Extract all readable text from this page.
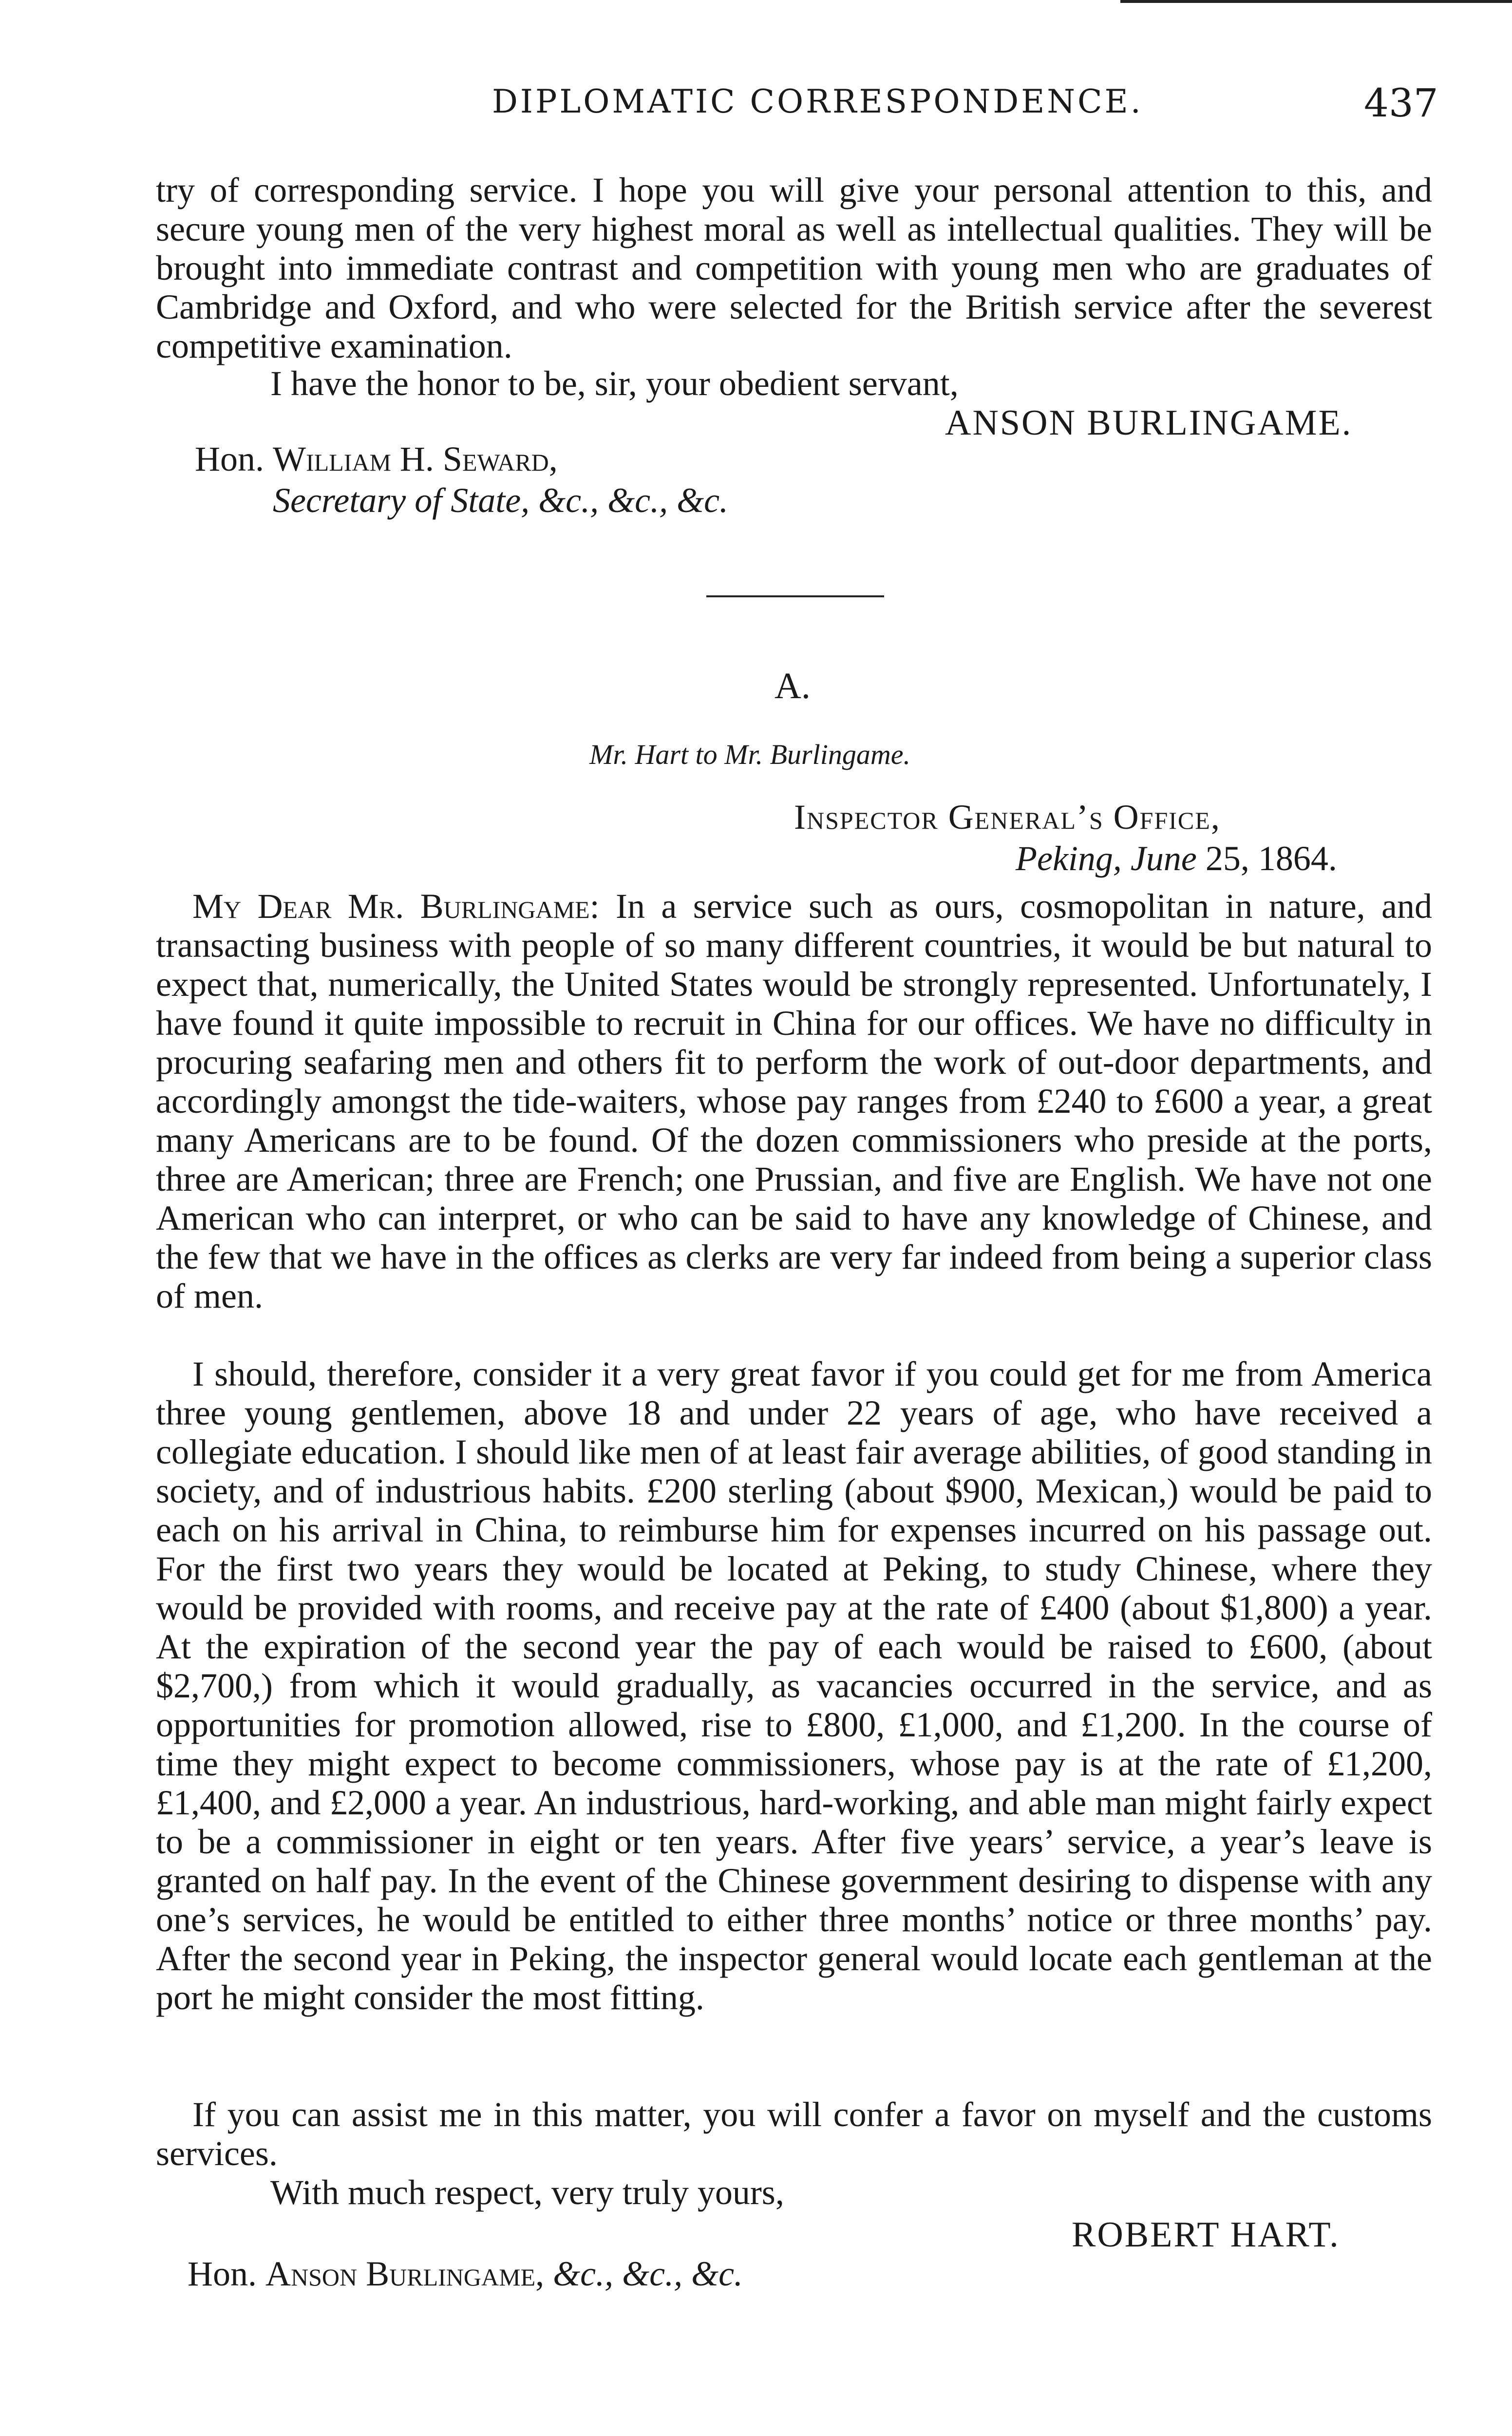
DIPLOMATIC CORRESPONDENCE.	437

try of corresponding service. I hope you will give your personal attention to this, and secure young men of the very highest moral as well as intellectual qualities. They will be brought into immediate contrast and competition with young men who are graduates of Cambridge and Oxford, and who were selected for the British service after the severest competitive examination.

I have the honor to be, sir, your obedient servant,
ANSON BURLINGAME.
Hon. William H. Seward,
Secretary of State, &c., &c., &c.
A.
Mr. Hart to Mr. Burlingame.
Inspector General’s Office,
Peking, June 25, 1864.

My Dear Mr. Burlingame: In a service such as ours, cosmopolitan in nature, and transacting business with people of so many different countries, it would be but natural to expect that, numerically, the United States would be strongly represented. Unfortunately, I have found it quite impossible to recruit in China for our offices. We have no difficulty in procuring seafaring men and others fit to perform the work of out-door departments, and accordingly amongst the tide-waiters, whose pay ranges from £240 to £600 a year, a great many Americans are to be found. Of the dozen commissioners who preside at the ports, three are American; three are French; one Prussian, and five are English. We have not one American who can interpret, or who can be said to have any knowledge of Chinese, and the few that we have in the offices as clerks are very far indeed from being a superior class of men.

I should, therefore, consider it a very great favor if you could get for me from America three young gentlemen, above 18 and under 22 years of age, who have received a collegiate education. I should like men of at least fair average abilities, of good standing in society, and of industrious habits. £200 sterling (about $900, Mexican,) would be paid to each on his arrival in China, to reimburse him for expenses incurred on his passage out. For the first two years they would be located at Peking, to study Chinese, where they would be provided with rooms, and receive pay at the rate of £400 (about $1,800) a year. At the expiration of the second year the pay of each would be raised to £600, (about $2,700,) from which it would gradually, as vacancies occurred in the service, and as opportunities for promotion allowed, rise to £800, £1,000, and £1,200. In the course of time they might expect to become commissioners, whose pay is at the rate of £1,200, £1,400, and £2,000 a year. An industrious, hard-working, and able man might fairly expect to be a commissioner in eight or ten years. After five years’ service, a year’s leave is granted on half pay. In the event of the Chinese government desiring to dispense with any one’s services, he would be entitled to either three months’ notice or three months’ pay. After the second year in Peking, the inspector general would locate each gentleman at the port he might consider the most fitting.

If you can assist me in this matter, you will confer a favor on myself and the customs services.

With much respect, very truly yours,
ROBERT HART.
Hon. Anson Burlingame, &c., &c., &c.
